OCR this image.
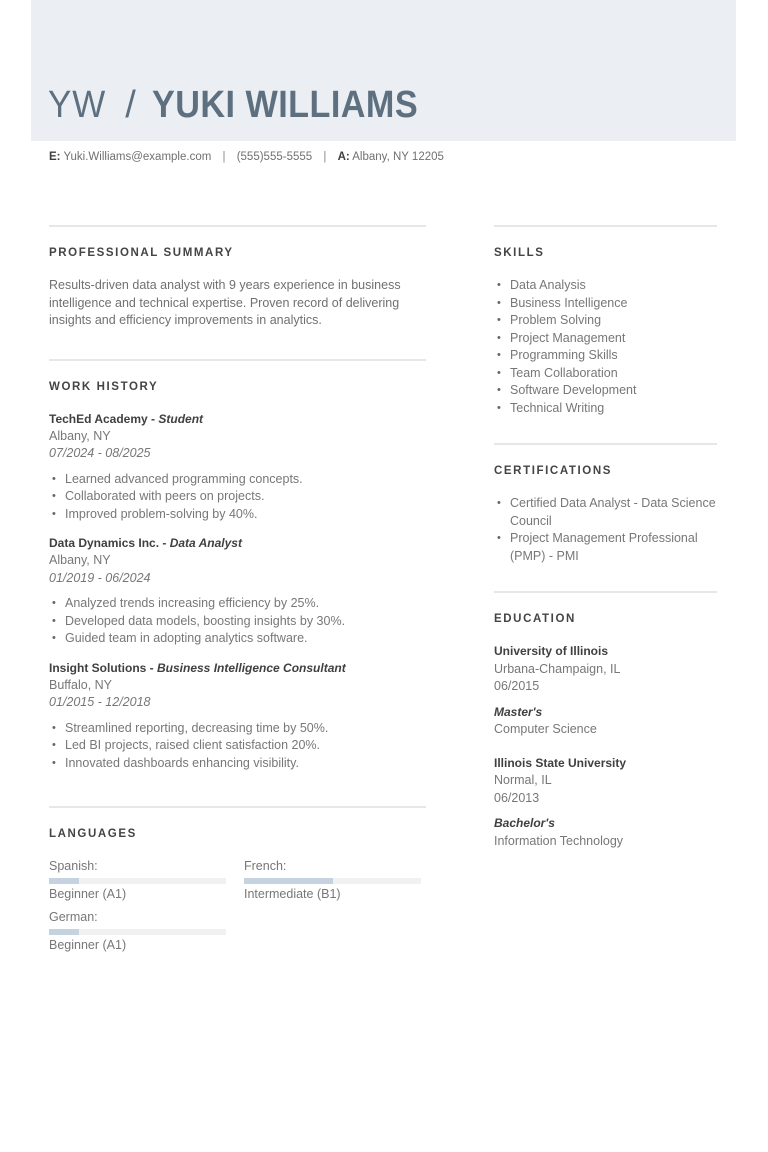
YW / YUKI WILLIAMS
E: Yuki.Williams@example.com | (555)555-5555 | A: Albany, NY 12205
PROFESSIONAL SUMMARY

Results-driven data analyst with 9 years experience in business intelligence and technical expertise. Proven record of delivering insights and efficiency improvements in analytics.

WORK HISTORY
TechEd Academy - Student
Albany, NY
07/2024 - 08/2025
• Learned advanced programming concepts.
• Collaborated with peers on projects.
• Improved problem-solving by 40%.
Data Dynamics Inc. - Data Analyst
Albany, NY
01/2019 - 06/2024
• Analyzed trends increasing efficiency by 25%.
• Developed data models, boosting insights by 30%.
• Guided team in adopting analytics software.
Insight Solutions - Business Intelligence Consultant
Buffalo, NY
01/2015 - 12/2018
• Streamlined reporting, decreasing time by 50%.
• Led BI projects, raised client satisfaction 20%.
• Innovated dashboards enhancing visibility.
LANGUAGES
Spanish:
Beginner (A1)
French:
Intermediate (B1)
German:
Beginner (A1)
SKILLS
• Data Analysis
• Business Intelligence
• Problem Solving
• Project Management
• Programming Skills
• Team Collaboration
• Software Development
• Technical Writing
CERTIFICATIONS
• Certified Data Analyst - Data Science Council
• Project Management Professional (PMP) - PMI
EDUCATION
University of Illinois
Urbana-Champaign, IL
06/2015
Master's
Computer Science
Illinois State University
Normal, IL
06/2013
Bachelor's
Information Technology
